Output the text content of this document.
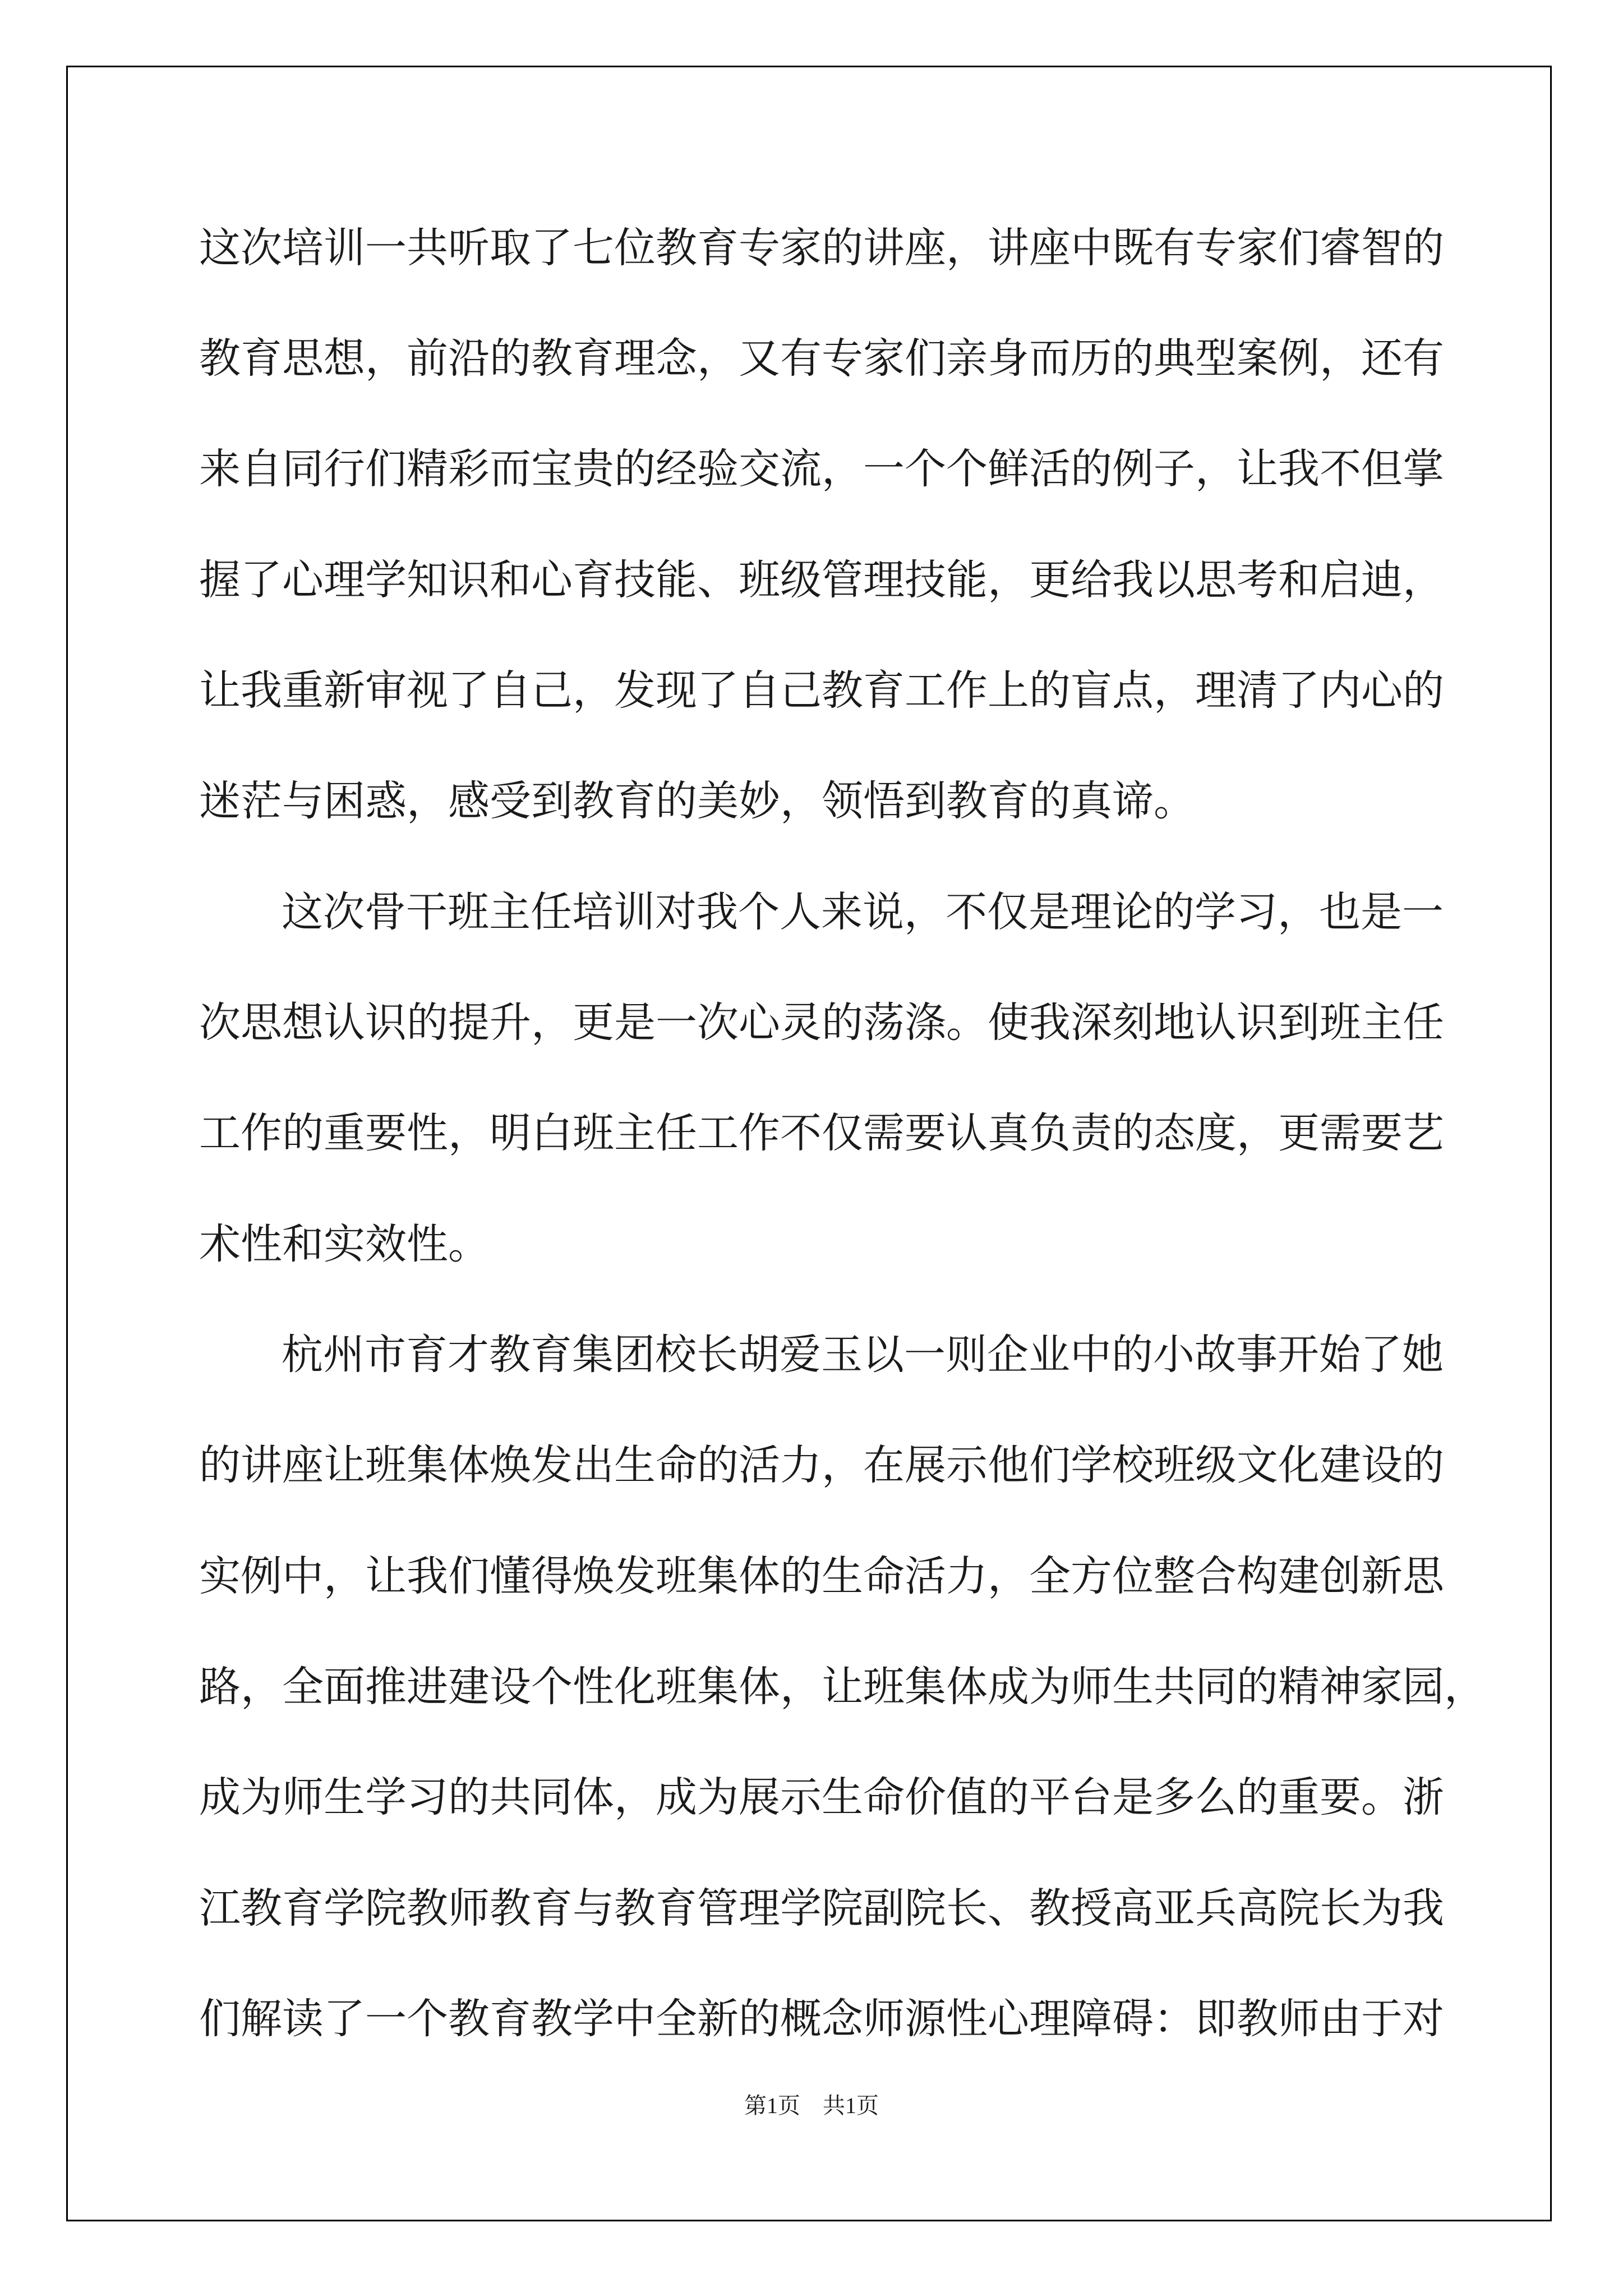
这次培训一共听取了七位教育专家的讲座，讲座中既有专家们睿智的
教育思想，前沿的教育理念，又有专家们亲身而历的典型案例，还有
来自同行们精彩而宝贵的经验交流，一个个鲜活的例子，让我不但掌
握了心理学知识和心育技能、班级管理技能，更给我以思考和启迪，
让我重新审视了自己，发现了自己教育工作上的盲点，理清了内心的
迷茫与困惑，感受到教育的美妙，领悟到教育的真谛。
这次骨干班主任培训对我个人来说，不仅是理论的学习，也是一
次思想认识的提升，更是一次心灵的荡涤。使我深刻地认识到班主任
工作的重要性，明白班主任工作不仅需要认真负责的态度，更需要艺
术性和实效性。
杭州市育才教育集团校长胡爱玉以一则企业中的小故事开始了她
的讲座让班集体焕发出生命的活力，在展示他们学校班级文化建设的
实例中，让我们懂得焕发班集体的生命活力，全方位整合构建创新思
路，全面推进建设个性化班集体，让班集体成为师生共同的精神家园，
成为师生学习的共同体，成为展示生命价值的平台是多么的重要。浙
江教育学院教师教育与教育管理学院副院长、教授高亚兵高院长为我
们解读了一个教育教学中全新的概念师源性心理障碍：即教师由于对
第1页　共1页
